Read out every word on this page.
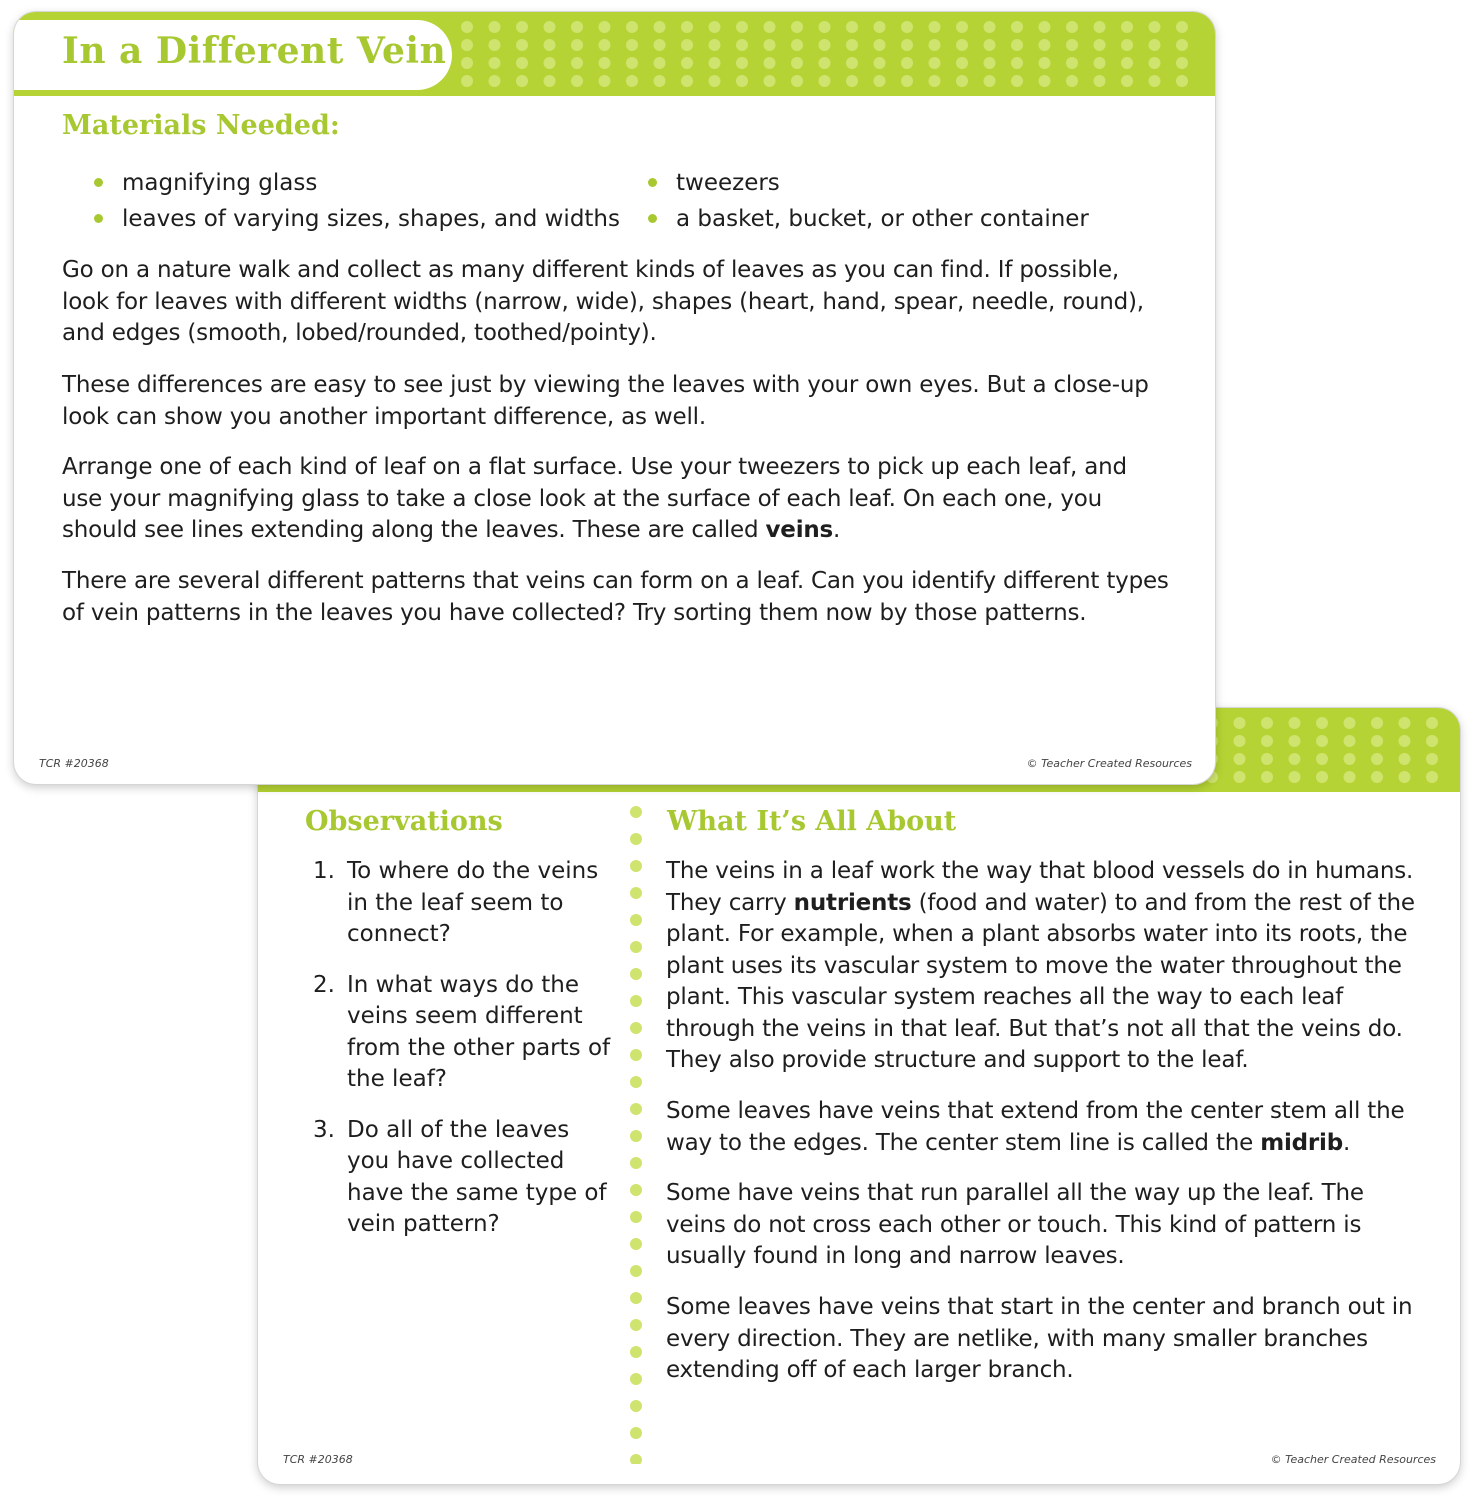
In a Different Vein
Materials Needed:
magnifying glass
leaves of varying sizes, shapes, and widths
tweezers
a basket, bucket, or other container

Go on a nature walk and collect as many different kinds of leaves as you can find. If possible, look for leaves with different widths (narrow, wide), shapes (heart, hand, spear, needle, round), and edges (smooth, lobed/rounded, toothed/pointy).

These differences are easy to see just by viewing the leaves with your own eyes. But a close-up look can show you another important difference, as well.

Arrange one of each kind of leaf on a flat surface. Use your tweezers to pick up each leaf, and use your magnifying glass to take a close look at the surface of each leaf. On each one, you should see lines extending along the leaves. These are called veins.

There are several different patterns that veins can form on a leaf. Can you identify different types of vein patterns in the leaves you have collected? Try sorting them now by those patterns.

TCR #20368	© Teacher Created Resources
Observations
1. To where do the veins in the leaf seem to connect?
2. In what ways do the veins seem different from the other parts of the leaf?
3. Do all of the leaves you have collected have the same type of vein pattern?
What It’s All About

The veins in a leaf work the way that blood vessels do in humans. They carry nutrients (food and water) to and from the rest of the plant. For example, when a plant absorbs water into its roots, the plant uses its vascular system to move the water throughout the plant. This vascular system reaches all the way to each leaf through the veins in that leaf. But that’s not all that the veins do. They also provide structure and support to the leaf.

Some leaves have veins that extend from the center stem all the way to the edges. The center stem line is called the midrib.

Some have veins that run parallel all the way up the leaf. The veins do not cross each other or touch. This kind of pattern is usually found in long and narrow leaves.

Some leaves have veins that start in the center and branch out in every direction. They are netlike, with many smaller branches extending off of each larger branch.

TCR #20368	© Teacher Created Resources
